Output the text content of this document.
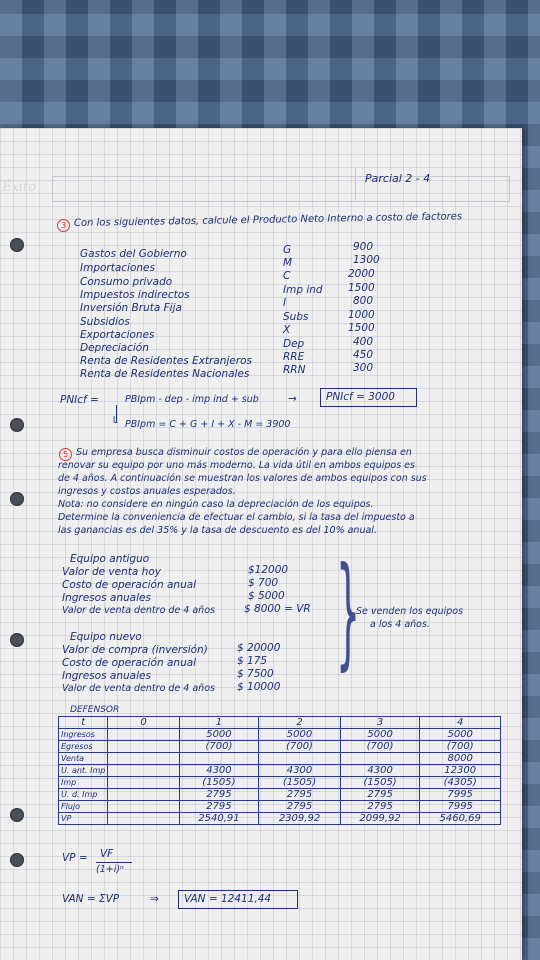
Éxito
Parcial 2 - 4
3 Con los siguientes datos, calcule el Producto Neto Interno a costo de factores
Gastos del Gobierno	G	900
Importaciones	M	1300
Consumo privado	C	2000
Impuestos indirectos	Imp ind 1500
Inversión Bruta Fija	I	800
Subsidios	Subs	1000
Exportaciones	X	1500
Depreciación	Dep	400
Renta de Residentes Extranjeros	RRE	450
Renta de Residentes Nacionales	RRN	300
PNIcf =	PBIpm - dep - imp ind + sub	→	PNIcf = 3000
└ PBIpm = C + G + I + X - M = 3900
5 Su empresa busca disminuir costos de operación y para ello piensa en
renovar su equipo por uno más moderno. La vida útil en ambos equipos es
de 4 años. A continuación se muestran los valores de ambos equipos con sus
ingresos y costos anuales esperados.
Nota: no considere en ningún caso la depreciación de los equipos.
Determine la conveniencia de efectuar el cambio, si la tasa del impuesto a
las ganancias es del 35% y la tasa de descuento es del 10% anual.
Equipo antiguo
Valor de venta hoy	$12000
Costo de operación anual	$ 700
Ingresos anuales	$ 5000
Valor de venta dentro de 4 años	$ 8000 = VR }
Se venden los equipos
a los 4 años.
Equipo nuevo
Valor de compra (inversión)	$ 20000
Costo de operación anual	$ 175
Ingresos anuales	$ 7500
Valor de venta dentro de 4 años $ 10000
DEFENSOR
t	0	1	2	3	4
Ingresos		5000	5000	5000	5000
Egresos		(700)	(700)	(700)	(700)
Venta					8000
U. ant. Imp		4300	4300	4300	12300
Imp		(1505)	(1505)	(1505)	(4305)
U. d. Imp		2795	2795	2795	7995
Flujo		2795	2795	2795	7995
VP		2540,91	2309,92	2099,92	5460,69
VP = VF
(1+i)ⁿ
VAN = ΣVP	⇒ VAN = 12411,44
